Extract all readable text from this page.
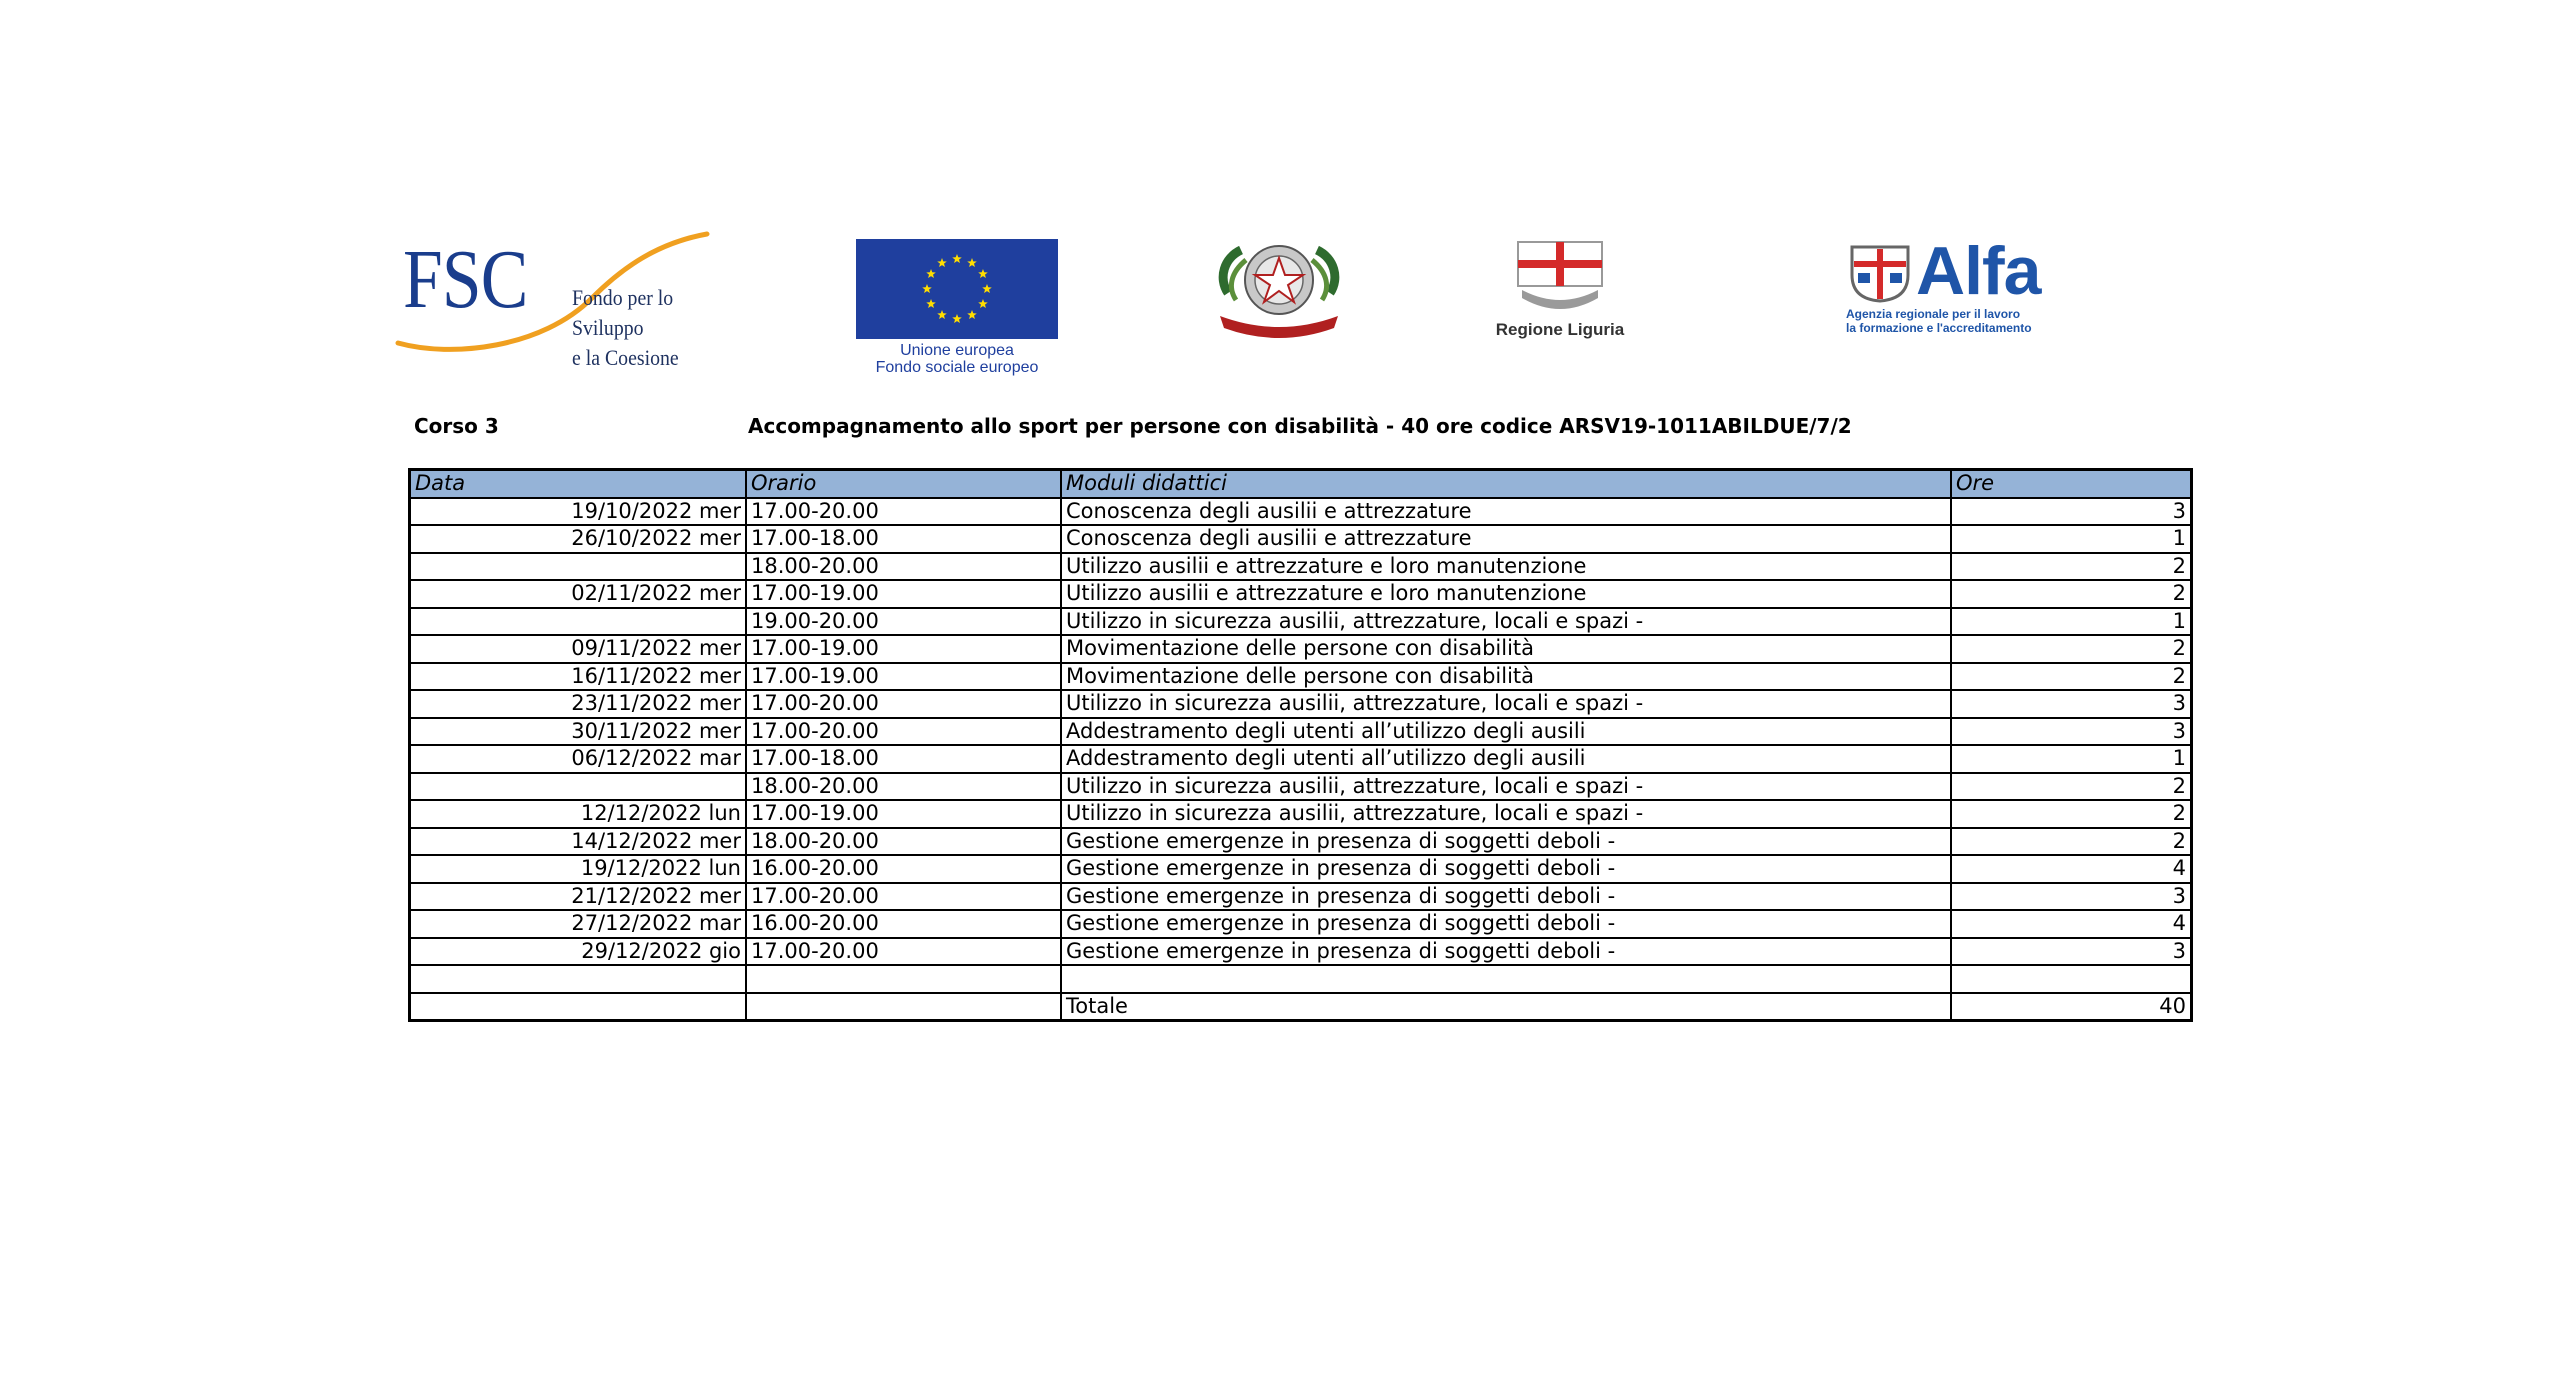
FSC Fondo per lo Sviluppo
e la Coesione	Unione europea
Fondo sociale europeo
Regione Liguria
Alfa
Agenzia regionale per il lavoro
la formazione e l'accreditamento
Corso 3	Accompagnamento allo sport per persone con disabilità - 40 ore codice ARSV19-1011ABILDUE/7/2
Data	Orario	Moduli didattici	Ore
19/10/2022 mer	17.00-20.00	Conoscenza degli ausilii e attrezzature	3
26/10/2022 mer	17.00-18.00	Conoscenza degli ausilii e attrezzature	1
	18.00-20.00	Utilizzo ausilii e attrezzature e loro manutenzione	2
02/11/2022 mer	17.00-19.00	Utilizzo ausilii e attrezzature e loro manutenzione	2
	19.00-20.00	Utilizzo in sicurezza ausilii, attrezzature, locali e spazi -	1
09/11/2022 mer	17.00-19.00	Movimentazione delle persone con disabilità	2
16/11/2022 mer	17.00-19.00	Movimentazione delle persone con disabilità	2
23/11/2022 mer	17.00-20.00	Utilizzo in sicurezza ausilii, attrezzature, locali e spazi -	3
30/11/2022 mer	17.00-20.00	Addestramento degli utenti all’utilizzo degli ausili	3
06/12/2022 mar	17.00-18.00	Addestramento degli utenti all’utilizzo degli ausili	1
	18.00-20.00	Utilizzo in sicurezza ausilii, attrezzature, locali e spazi -	2
12/12/2022 lun	17.00-19.00	Utilizzo in sicurezza ausilii, attrezzature, locali e spazi -	2
14/12/2022 mer	18.00-20.00	Gestione emergenze in presenza di soggetti deboli -	2
19/12/2022 lun	16.00-20.00	Gestione emergenze in presenza di soggetti deboli -	4
21/12/2022 mer	17.00-20.00	Gestione emergenze in presenza di soggetti deboli -	3
27/12/2022 mar	16.00-20.00	Gestione emergenze in presenza di soggetti deboli -	4
29/12/2022 gio	17.00-20.00	Gestione emergenze in presenza di soggetti deboli -	3

		Totale	40
